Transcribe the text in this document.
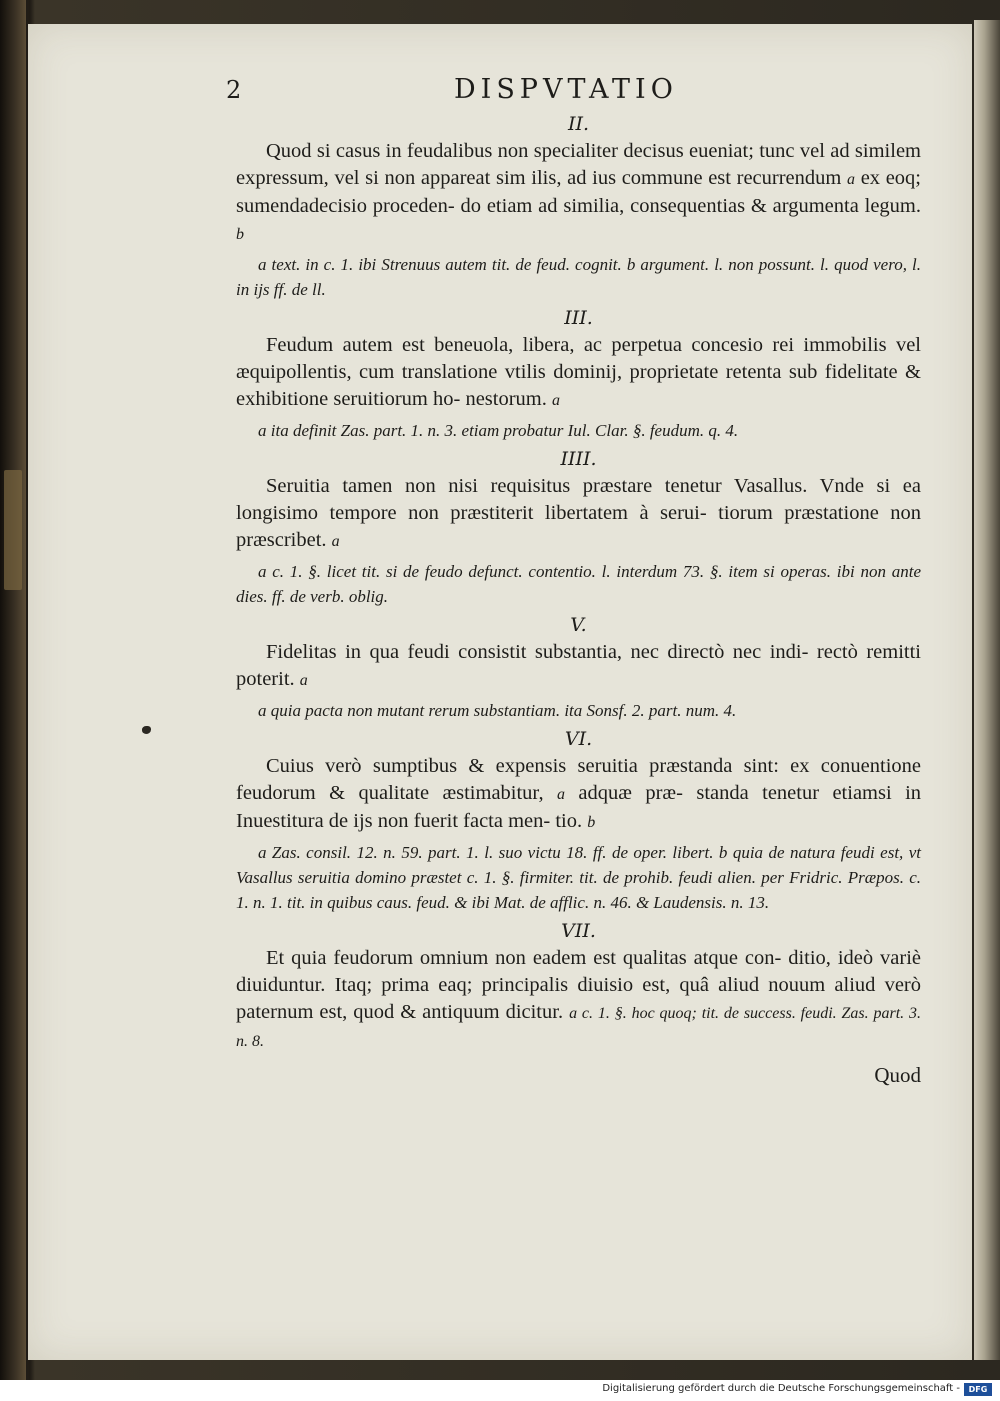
2	DISPVTATIO
II.

Quod si casus in feudalibus non specialiter decisus eueniat; tunc vel ad similem expressum, vel si non appareat sim ilis, ad ius commune est recurrendum a ex eoq; sumendadecisio proceden- do etiam ad similia, consequentias & argumenta legum. b

a text. in c. 1. ibi Strenuus autem tit. de feud. cognit. b argument. l. non possunt. l. quod vero, l. in ijs ff. de ll.

III.

Feudum autem est beneuola, libera, ac perpetua concesio rei immobilis vel æquipollentis, cum translatione vtilis dominij, proprietate retenta sub fidelitate & exhibitione seruitiorum ho- nestorum. a

a ita definit Zas. part. 1. n. 3. etiam probatur Iul. Clar. §. feudum. q. 4.

IIII.

Seruitia tamen non nisi requisitus præstare tenetur Vasallus. Vnde si ea longisimo tempore non præstiterit libertatem à serui- tiorum præstatione non præscribet. a

a c. 1. §. licet tit. si de feudo defunct. contentio. l. interdum 73. §. item si operas. ibi non ante dies. ff. de verb. oblig.

V.

Fidelitas in qua feudi consistit substantia, nec directò nec indi- rectò remitti poterit. a

a quia pacta non mutant rerum substantiam. ita Sonsf. 2. part. num. 4.

VI.

Cuius verò sumptibus & expensis seruitia præstanda sint: ex conuentione feudorum & qualitate æstimabitur, a adquæ præ- standa tenetur etiamsi in Inuestitura de ijs non fuerit facta men- tio. b

a Zas. consil. 12. n. 59. part. 1. l. suo victu 18. ff. de oper. libert. b quia de natura feudi est, vt Vasallus seruitia domino præstet c. 1. §. firmiter. tit. de prohib. feudi alien. per Fridric. Præpos. c. 1. n. 1. tit. in quibus caus. feud. & ibi Mat. de afflic. n. 46. & Laudensis. n. 13.

VII.

Et quia feudorum omnium non eadem est qualitas atque con- ditio, ideò variè diuiduntur. Itaq; prima eaq; principalis diuisio est, quâ aliud nouum aliud verò paternum est, quod & antiquum dicitur. a c. 1. §. hoc quoq; tit. de success. feudi. Zas. part. 3. n. 8.
Quod

Digitalisierung gefördert durch die Deutsche Forschungsgemeinschaft -	DFG
